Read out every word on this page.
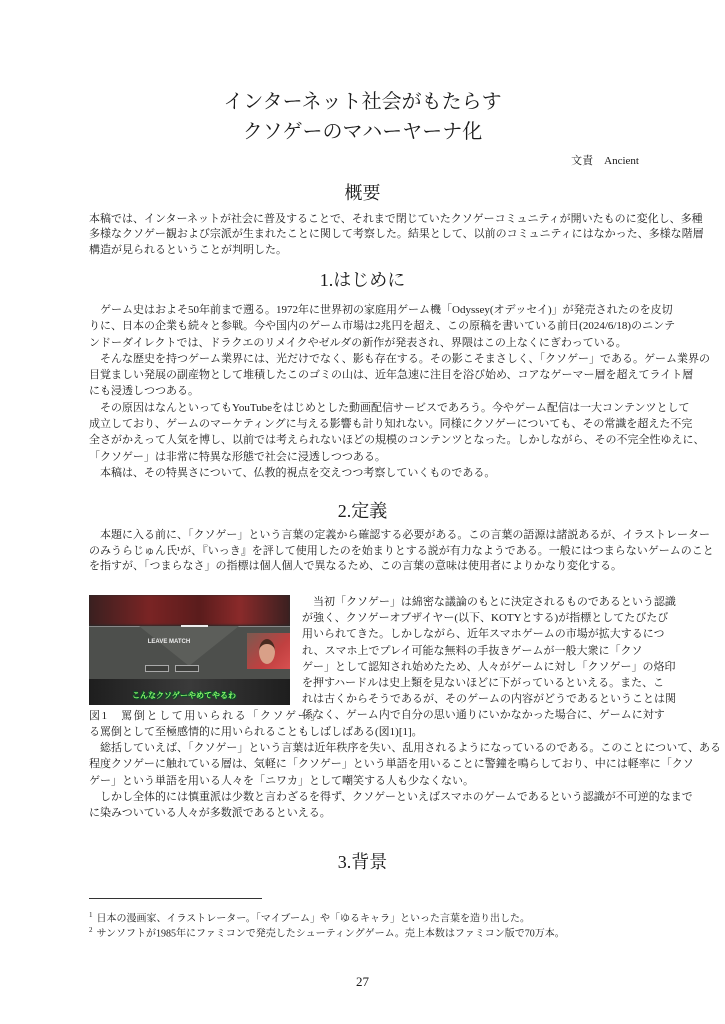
インターネット社会がもたらす
クソゲーのマハーヤーナ化
文責　Ancient
概要
本稿では、インターネットが社会に普及することで、それまで閉じていたクソゲーコミュニティが開いたものに変化し、多種
多様なクソゲー観および宗派が生まれたことに関して考察した。結果として、以前のコミュニティにはなかった、多様な階層
構造が見られるということが判明した。
1.はじめに
ゲーム史はおよそ50年前まで遡る。1972年に世界初の家庭用ゲーム機「Odyssey(オデッセイ)」が発売されたのを皮切
りに、日本の企業も続々と参戦。今や国内のゲーム市場は2兆円を超え、この原稿を書いている前日(2024/6/18)のニンテ
ンドーダイレクトでは、ドラクエのリメイクやゼルダの新作が発表され、界隈はこの上なくにぎわっている。
そんな歴史を持つゲーム業界には、光だけでなく、影も存在する。その影こそまさしく、「クソゲー」である。ゲーム業界の
目覚ましい発展の副産物として堆積したこのゴミの山は、近年急速に注目を浴び始め、コアなゲーマー層を超えてライト層
にも浸透しつつある。
その原因はなんといってもYouTubeをはじめとした動画配信サービスであろう。今やゲーム配信は一大コンテンツとして
成立しており、ゲームのマーケティングに与える影響も計り知れない。同様にクソゲーについても、その常識を超えた不完
全さがかえって人気を博し、以前では考えられないほどの規模のコンテンツとなった。しかしながら、その不完全性ゆえに、
「クソゲー」は非常に特異な形態で社会に浸透しつつある。
本稿は、その特異さについて、仏教的視点を交えつつ考察していくものである。
2.定義
本題に入る前に、「クソゲー」という言葉の定義から確認する必要がある。この言葉の語源は諸説あるが、イラストレーター
のみうらじゅん氏¹が、『いっき』を評して使用したのを始まりとする説が有力なようである。一般にはつまらないゲームのこと
を指すが、「つまらなさ」の指標は個人個人で異なるため、この言葉の意味は使用者によりかなり変化する。
LEAVE MATCH
こんなクソゲーやめてやるわ
図1　罵倒として用いられる「クソゲー」
当初「クソゲー」は綿密な議論のもとに決定されるものであるという認識
が強く、クソゲーオブザイヤー(以下、KOTYとする)が指標としてたびたび
用いられてきた。しかしながら、近年スマホゲームの市場が拡大するにつ
れ、スマホ上でプレイ可能な無料の手抜きゲームが一般大衆に「クソ
ゲー」として認知され始めたため、人々がゲームに対し「クソゲー」の烙印
を押すハードルは史上類を見ないほどに下がっているといえる。また、こ
れは古くからそうであるが、そのゲームの内容がどうであるということは関
係なく、ゲーム内で自分の思い通りにいかなかった場合に、ゲームに対す
る罵倒として至極感情的に用いられることもしばしばある(図1)[1]。
総括していえば、「クソゲー」という言葉は近年秩序を失い、乱用されるようになっているのである。このことについて、ある
程度クソゲーに触れている層は、気軽に「クソゲー」という単語を用いることに警鐘を鳴らしており、中には軽率に「クソ
ゲー」という単語を用いる人々を「ニワカ」として嘲笑する人も少なくない。
しかし全体的には慎重派は少数と言わざるを得ず、クソゲーといえばスマホのゲームであるという認識が不可逆的なまで
に染みついている人々が多数派であるといえる。
3.背景
$^1$ 日本の漫画家、イラストレーター。「マイブーム」や「ゆるキャラ」といった言葉を造り出した。
$^2$ サンソフトが1985年にファミコンで発売したシューティングゲーム。売上本数はファミコン版で70万本。
27
